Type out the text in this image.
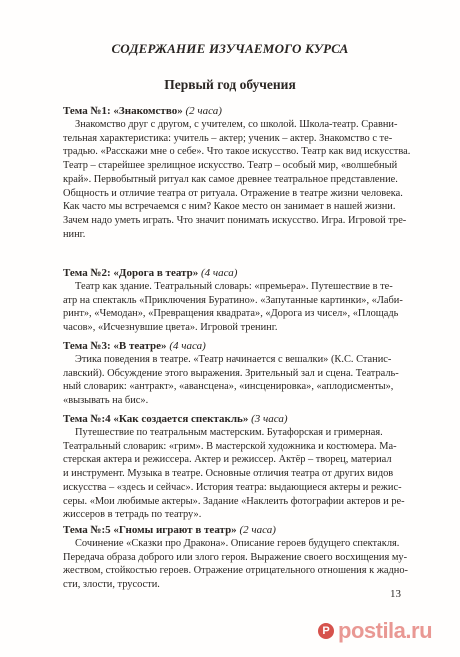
СОДЕРЖАНИЕ ИЗУЧАЕМОГО КУРСА
Первый год обучения

Тема №1: «Знакомство» (2 часа)

Знакомство друг с другом, с учителем, со школой. Школа-театр. Сравни-
тельная характеристика: учитель – актер; ученик – актер. Знакомство с те-
традью. «Расскажи мне о себе». Что такое искусство. Театр как вид искусства.
Театр – старейшее зрелищное искусство. Театр – особый мир, «волшебный
край». Первобытный ритуал как самое древнее театральное представление.
Общность и отличие театра от ритуала. Отражение в театре жизни человека.
Как часто мы встречаемся с ним? Какое место он занимает в нашей жизни.
Зачем надо уметь играть. Что значит понимать искусство. Игра. Игровой тре-
нинг.

Тема №2: «Дорога в театр» (4 часа)

Театр как здание. Театральный словарь: «премьера». Путешествие в те-
атр на спектакль «Приключения Буратино». «Запутанные картинки», «Лаби-
ринт», «Чемодан», «Превращения квадрата», «Дорога из чисел», «Площадь
часов», «Исчезнувшие цвета». Игровой тренинг.

Тема №3: «В театре» (4 часа)

Этика поведения в театре. «Театр начинается с вешалки» (К.С. Станис-
лавский). Обсуждение этого выражения. Зрительный зал и сцена. Театраль-
ный словарик: «антракт», «авансцена», «инсценировка», «аплодисменты»,
«вызывать на бис».

Тема №:4 «Как создается спектакль» (3 часа)

Путешествие по театральным мастерским. Бутафорская и гримерная.
Театральный словарик: «грим». В мастерской художника и костюмера. Ма-
стерская актера и режиссера. Актер и режиссер. Актёр – творец, материал
и инструмент. Музыка в театре. Основные отличия театра от других видов
искусства – «здесь и сейчас». История театра: выдающиеся актеры и режис-
серы. «Мои любимые актеры». Задание «Наклеить фотографии актеров и ре-
жиссеров в тетрадь по театру».

Тема №:5 «Гномы играют в театр» (2 часа)

Сочинение «Сказки про Дракона». Описание героев будущего спектакля.
Передача образа доброго или злого героя. Выражение своего восхищения му-
жеством, стойкостью героев. Отражение отрицательного отношения к жадно-
сти, злости, трусости.

13
P postila.ru
